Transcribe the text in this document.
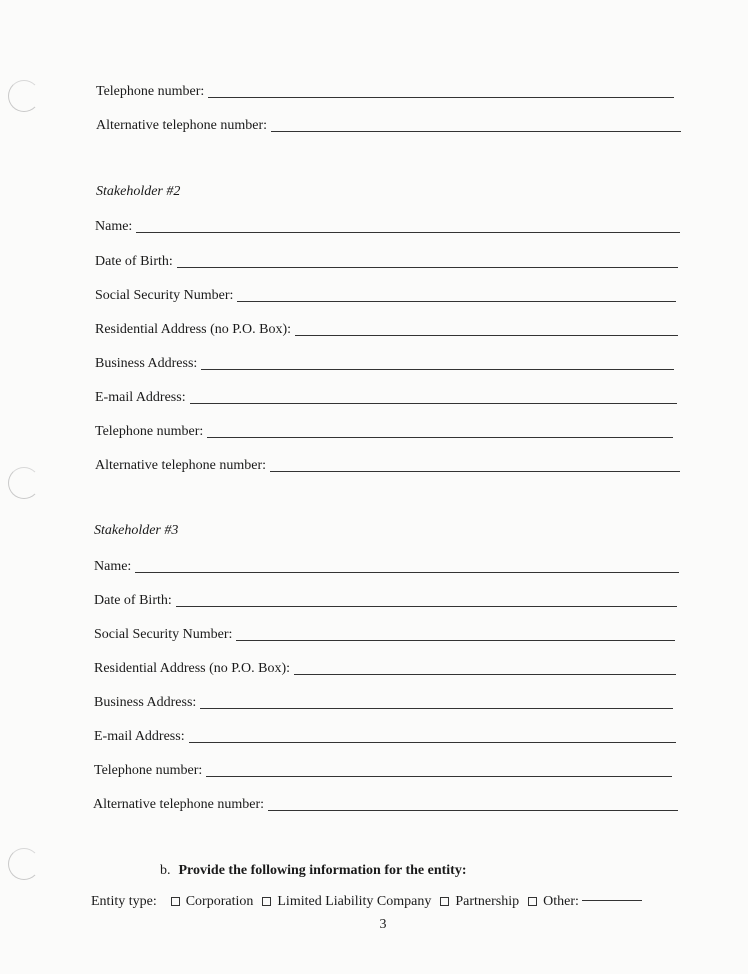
Telephone number:
Alternative telephone number:
Stakeholder #2
Name:
Date of Birth:
Social Security Number:
Residential Address (no P.O. Box):
Business Address:
E-mail Address:
Telephone number:
Alternative telephone number:
Stakeholder #3
Name:
Date of Birth:
Social Security Number:
Residential Address (no P.O. Box):
Business Address:
E-mail Address:
Telephone number:
Alternative telephone number:
b. Provide the following information for the entity:
Entity type: Corporation Limited Liability Company Partnership Other:
3
